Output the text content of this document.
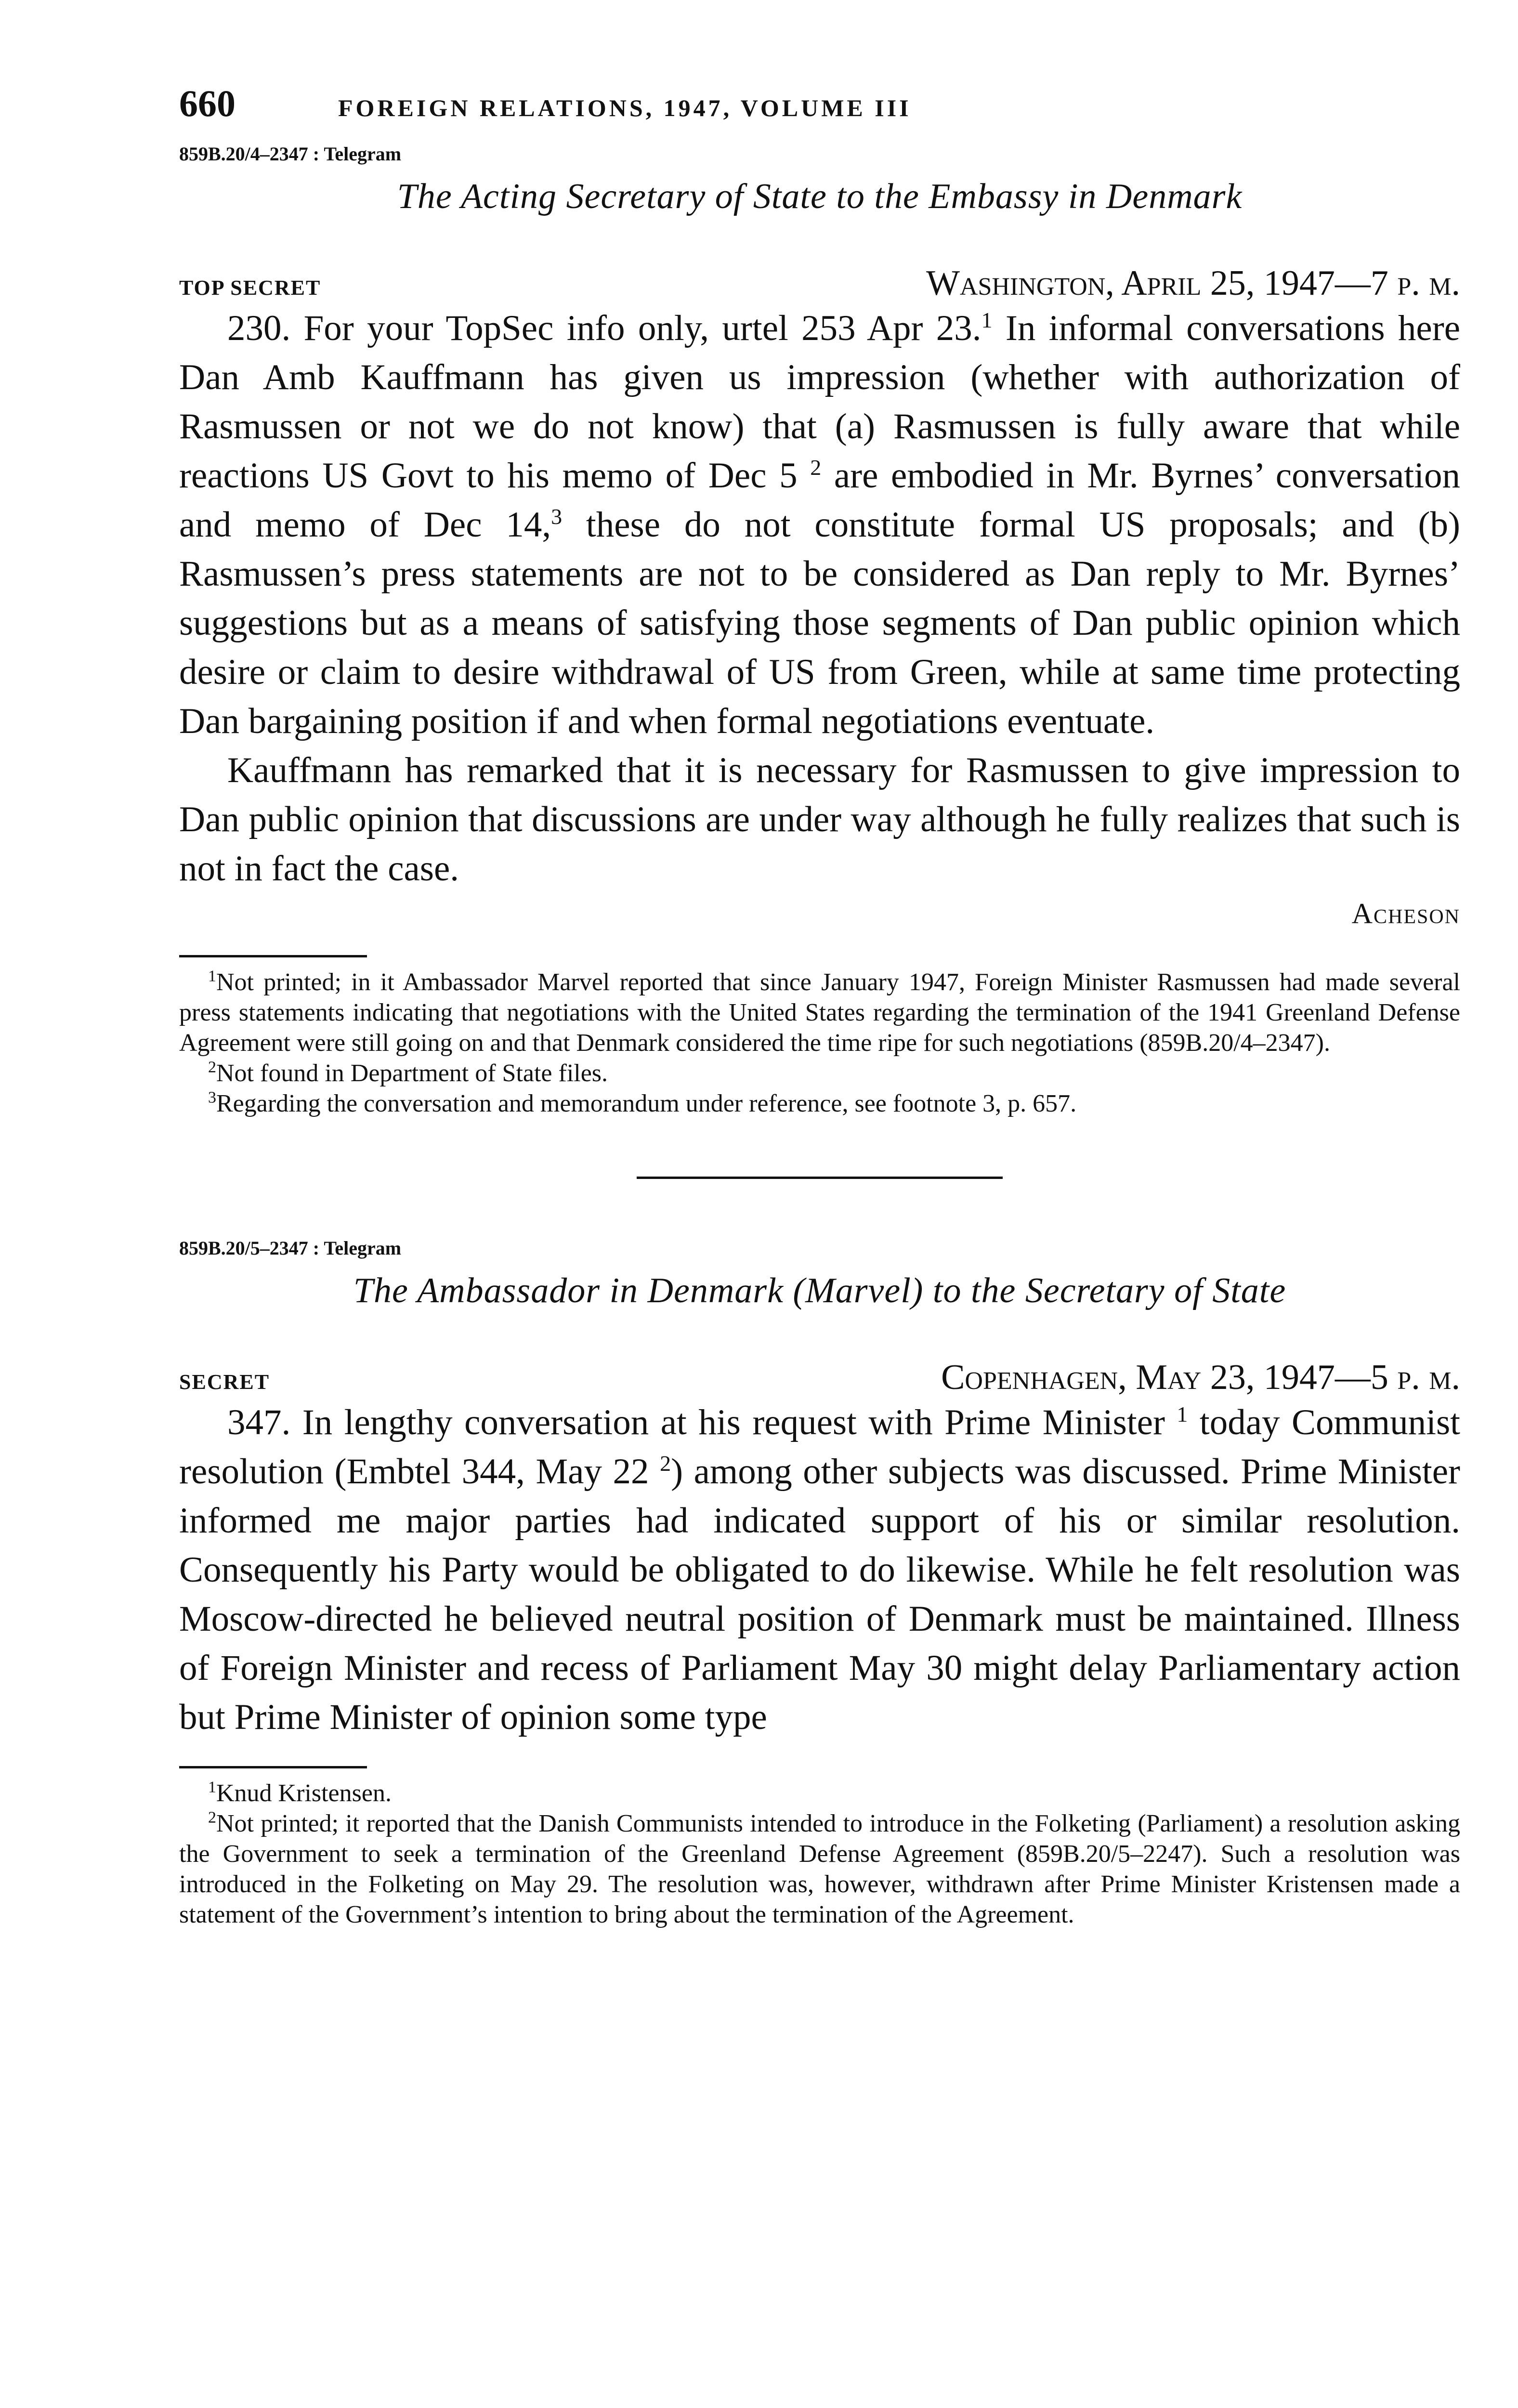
660	FOREIGN RELATIONS, 1947, VOLUME III
859B.20/4–2347 : Telegram
The Acting Secretary of State to the Embassy in Denmark
TOP SECRET	Washington, April 25, 1947—7 p. m.

230. For your TopSec info only, urtel 253 Apr 23.$^1$ In informal conversations here Dan Amb Kauffmann has given us impression (whether with authorization of Rasmussen or not we do not know) that (a) Rasmussen is fully aware that while reactions US Govt to his memo of Dec 5 $^2$ are embodied in Mr. Byrnes’ conversation and memo of Dec 14,$^3$ these do not constitute formal US proposals; and (b) Rasmussen’s press statements are not to be considered as Dan reply to Mr. Byrnes’ suggestions but as a means of satisfying those segments of Dan public opinion which desire or claim to desire withdrawal of US from Green, while at same time protecting Dan bargaining position if and when formal negotiations eventuate.

Kauffmann has remarked that it is necessary for Rasmussen to give impression to Dan public opinion that discussions are under way although he fully realizes that such is not in fact the case.

Acheson

$^1$Not printed; in it Ambassador Marvel reported that since January 1947, Foreign Minister Rasmussen had made several press statements indicating that negotiations with the United States regarding the termination of the 1941 Greenland Defense Agreement were still going on and that Denmark considered the time ripe for such negotiations (859B.20/4–2347).

$^2$Not found in Department of State files.

$^3$Regarding the conversation and memorandum under reference, see footnote 3, p. 657.

859B.20/5–2347 : Telegram
The Ambassador in Denmark (Marvel) to the Secretary of State
SECRET	Copenhagen, May 23, 1947—5 p. m.

347. In lengthy conversation at his request with Prime Minister $^1$ today Communist resolution (Embtel 344, May 22 $^2$) among other subjects was discussed. Prime Minister informed me major parties had indicated support of his or similar resolution. Consequently his Party would be obligated to do likewise. While he felt resolution was Moscow-directed he believed neutral position of Denmark must be maintained. Illness of Foreign Minister and recess of Parliament May 30 might delay Parliamentary action but Prime Minister of opinion some type

$^1$Knud Kristensen.

$^2$Not printed; it reported that the Danish Communists intended to introduce in the Folketing (Parliament) a resolution asking the Government to seek a termination of the Greenland Defense Agreement (859B.20/5–2247). Such a resolution was introduced in the Folketing on May 29. The resolution was, however, withdrawn after Prime Minister Kristensen made a statement of the Government’s intention to bring about the termination of the Agreement.
